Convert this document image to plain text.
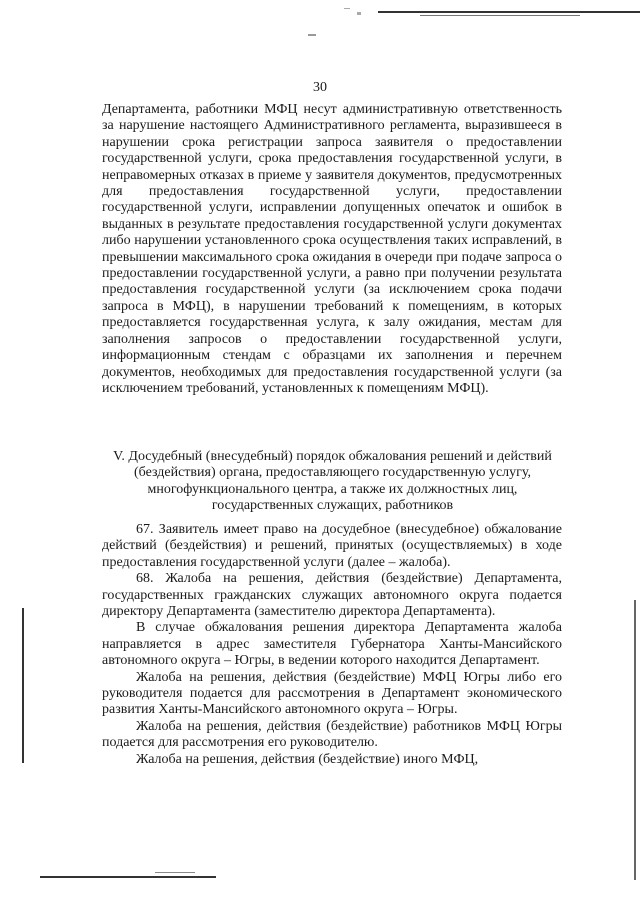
30

Департамента, работники МФЦ несут административную ответственность за нарушение настоящего Административного регламента, выразившееся в нарушении срока регистрации запроса заявителя о предоставлении государственной услуги, срока предоставления государственной услуги, в неправомерных отказах в приеме у заявителя документов, предусмотренных для предоставления государственной услуги, предоставлении государственной услуги, исправлении допущенных опечаток и ошибок в выданных в результате предоставления государственной услуги документах либо нарушении установленного срока осуществления таких исправлений, в превышении максимального срока ожидания в очереди при подаче запроса о предоставлении государственной услуги, а равно при получении результата предоставления государственной услуги (за исключением срока подачи запроса в МФЦ), в нарушении требований к помещениям, в которых предоставляется государственная услуга, к залу ожидания, местам для заполнения запросов о предоставлении государственной услуги, информационным стендам с образцами их заполнения и перечнем документов, необходимых для предоставления государственной услуги (за исключением требований, установленных к помещениям МФЦ).

V. Досудебный (внесудебный) порядок обжалования решений и действий (бездействия) органа, предоставляющего государственную услугу, многофункционального центра, а также их должностных лиц, государственных служащих, работников

67. Заявитель имеет право на досудебное (внесудебное) обжалование действий (бездействия) и решений, принятых (осуществляемых) в ходе предоставления государственной услуги (далее – жалоба).

68. Жалоба на решения, действия (бездействие) Департамента, государственных гражданских служащих автономного округа подается директору Департамента (заместителю директора Департамента).

В случае обжалования решения директора Департамента жалоба направляется в адрес заместителя Губернатора Ханты-Мансийского автономного округа – Югры, в ведении которого находится Департамент.

Жалоба на решения, действия (бездействие) МФЦ Югры либо его руководителя подается для рассмотрения в Департамент экономического развития Ханты-Мансийского автономного округа – Югры.

Жалоба на решения, действия (бездействие) работников МФЦ Югры подается для рассмотрения его руководителю.

Жалоба на решения, действия (бездействие) иного МФЦ,
